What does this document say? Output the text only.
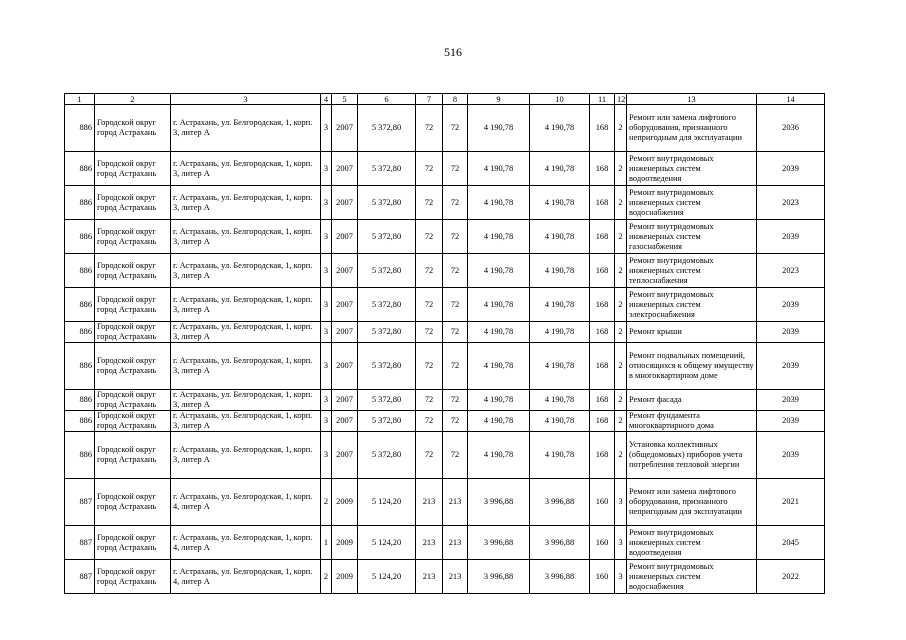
516
1	2	3	4	5	6	7	8	9	10	11	12	13	14
886	Городской округ город Астрахань	г. Астрахань, ул. Белгородская, 1, корп. 3, литер А	3	2007	5 372,80	72	72	4 190,78	4 190,78	168	2	Ремонт или замена лифтового оборудования, признанного непригодным для эксплуатации	2036
886	Городской округ город Астрахань	г. Астрахань, ул. Белгородская, 1, корп. 3, литер А	3	2007	5 372,80	72	72	4 190,78	4 190,78	168	2	Ремонт внутридомовых инженерных систем водоотведения	2039
886	Городской округ город Астрахань	г. Астрахань, ул. Белгородская, 1, корп. 3, литер А	3	2007	5 372,80	72	72	4 190,78	4 190,78	168	2	Ремонт внутридомовых инженерных систем водоснабжения	2023
886	Городской округ город Астрахань	г. Астрахань, ул. Белгородская, 1, корп. 3, литер А	3	2007	5 372,80	72	72	4 190,78	4 190,78	168	2	Ремонт внутридомовых инженерных систем газоснабжения	2039
886	Городской округ город Астрахань	г. Астрахань, ул. Белгородская, 1, корп. 3, литер А	3	2007	5 372,80	72	72	4 190,78	4 190,78	168	2	Ремонт внутридомовых инженерных систем теплоснабжения	2023
886	Городской округ город Астрахань	г. Астрахань, ул. Белгородская, 1, корп. 3, литер А	3	2007	5 372,80	72	72	4 190,78	4 190,78	168	2	Ремонт внутридомовых инженерных систем электроснабжения	2039
886	Городской округ город Астрахань	г. Астрахань, ул. Белгородская, 1, корп. 3, литер А	3	2007	5 372,80	72	72	4 190,78	4 190,78	168	2	Ремонт крыши	2039
886	Городской округ город Астрахань	г. Астрахань, ул. Белгородская, 1, корп. 3, литер А	3	2007	5 372,80	72	72	4 190,78	4 190,78	168	2	Ремонт подвальных помещений, относящихся к общему имуществу в многоквартирном доме	2039
886	Городской округ город Астрахань	г. Астрахань, ул. Белгородская, 1, корп. 3, литер А	3	2007	5 372,80	72	72	4 190,78	4 190,78	168	2	Ремонт фасада	2039
886	Городской округ город Астрахань	г. Астрахань, ул. Белгородская, 1, корп. 3, литер А	3	2007	5 372,80	72	72	4 190,78	4 190,78	168	2	Ремонт фундамента многоквартирного дома	2039
886	Городской округ город Астрахань	г. Астрахань, ул. Белгородская, 1, корп. 3, литер А	3	2007	5 372,80	72	72	4 190,78	4 190,78	168	2	Установка коллективных (общедомовых) приборов учета потребления тепловой энергии	2039
887	Городской округ город Астрахань	г. Астрахань, ул. Белгородская, 1, корп. 4, литер А	2	2009	5 124,20	213	213	3 996,88	3 996,88	160	3	Ремонт или замена лифтового оборудования, признанного непригодным для эксплуатации	2021
887	Городской округ город Астрахань	г. Астрахань, ул. Белгородская, 1, корп. 4, литер А	1	2009	5 124,20	213	213	3 996,88	3 996,88	160	3	Ремонт внутридомовых инженерных систем водоотведения	2045
887	Городской округ город Астрахань	г. Астрахань, ул. Белгородская, 1, корп. 4, литер А	2	2009	5 124,20	213	213	3 996,88	3 996,88	160	3	Ремонт внутридомовых инженерных систем водоснабжения	2022
